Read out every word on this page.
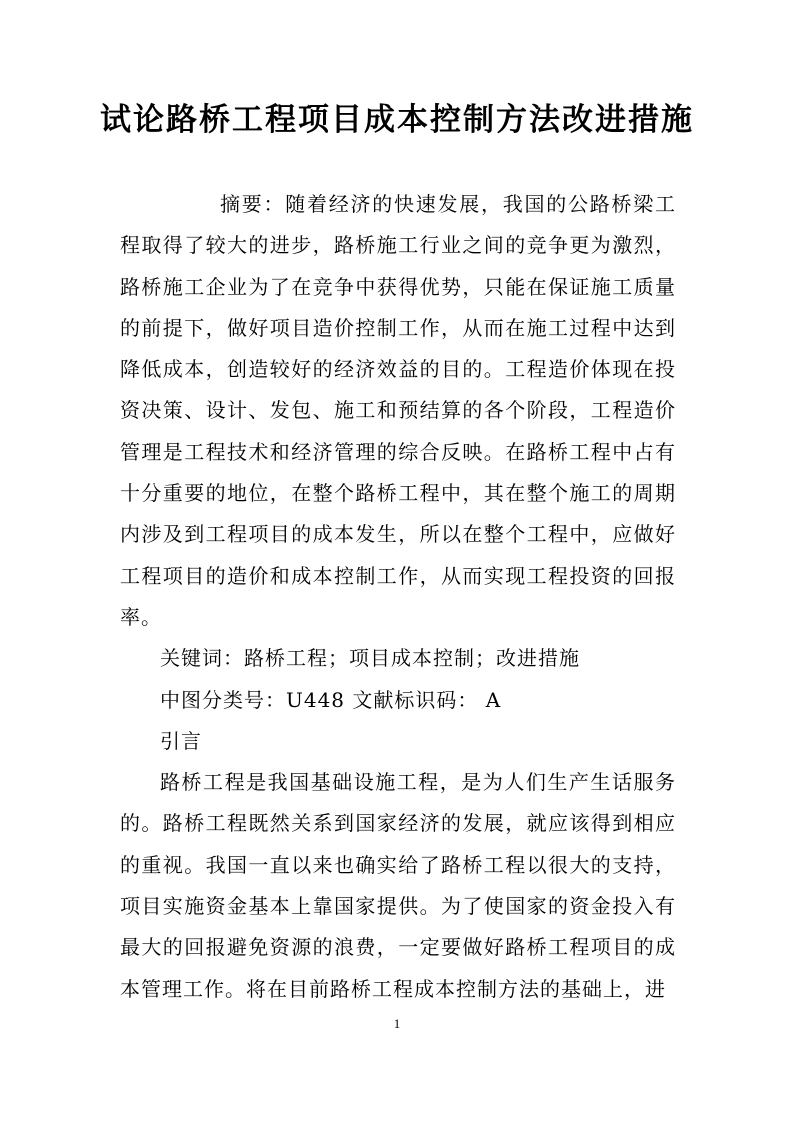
试论路桥工程项目成本控制方法改进措施

摘要：随着经济的快速发展，我国的公路桥梁工程取得了较大的进步，路桥施工行业之间的竞争更为激烈，路桥施工企业为了在竞争中获得优势，只能在保证施工质量的前提下，做好项目造价控制工作，从而在施工过程中达到降低成本，创造较好的经济效益的目的。工程造价体现在投资决策、设计、发包、施工和预结算的各个阶段，工程造价管理是工程技术和经济管理的综合反映。在路桥工程中占有十分重要的地位，在整个路桥工程中，其在整个施工的周期内涉及到工程项目的成本发生，所以在整个工程中，应做好工程项目的造价和成本控制工作，从而实现工程投资的回报率。

关键词：路桥工程；项目成本控制；改进措施

中图分类号：U448 文献标识码： A

引言

路桥工程是我国基础设施工程，是为人们生产生话服务的。路桥工程既然关系到国家经济的发展，就应该得到相应的重视。我国一直以来也确实给了路桥工程以很大的支持，项目实施资金基本上靠国家提供。为了使国家的资金投入有最大的回报避免资源的浪费，一定要做好路桥工程项目的成本管理工作。将在目前路桥工程成本控制方法的基础上，进

1
